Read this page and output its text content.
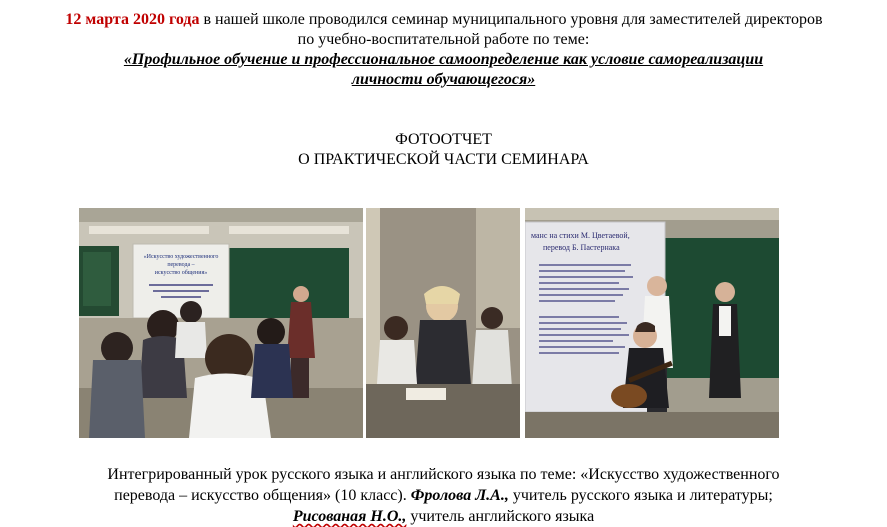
12 марта 2020 года в нашей школе проводился семинар муниципального уровня для заместителей директоров
по учебно-воспитательной работе по теме:
«Профильное обучение и профессиональное самоопределение как условие самореализации
личности обучающегося»
ФОТООТЧЕТ
О ПРАКТИЧЕСКОЙ ЧАСТИ СЕМИНАРА
«Искусство художественного
перевода –
искусство общения»
манс на стихи М. Цветаевой,
перевод Б. Пастернака
Интегрированный урок русского языка и английского языка по теме: «Искусство художественного
перевода – искусство общения» (10 класс). Фролова Л.А., учитель русского языка и литературы;
Рисованая Н.О., учитель английского языка
